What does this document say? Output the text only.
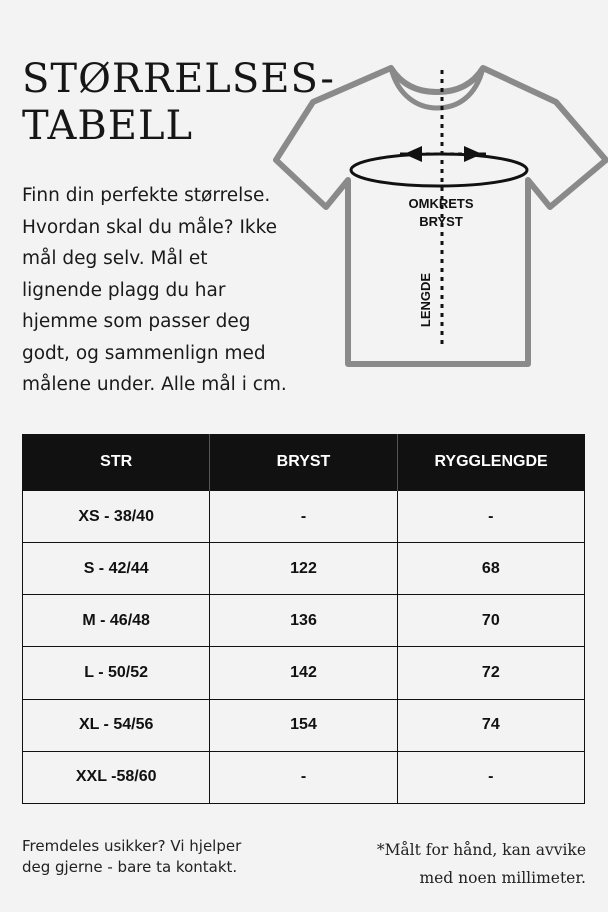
STØRRELSES-
TABELL

Finn din perfekte størrelse.
Hvordan skal du måle? Ikke
mål deg selv. Mål et
lignende plagg du har
hjemme som passer deg
godt, og sammenlign med
målene under. Alle mål i cm.

OMKRETS
BRYST
LENGDE
STR	BRYST	RYGGLENGDE
XS - 38/40	-	-
S - 42/44	122	68
M - 46/48	136	70
L - 50/52	142	72
XL - 54/56	154	74
XXL -58/60	-	-

Fremdeles usikker? Vi hjelper
deg gjerne - bare ta kontakt.

*Målt for hånd, kan avvike
med noen millimeter.
